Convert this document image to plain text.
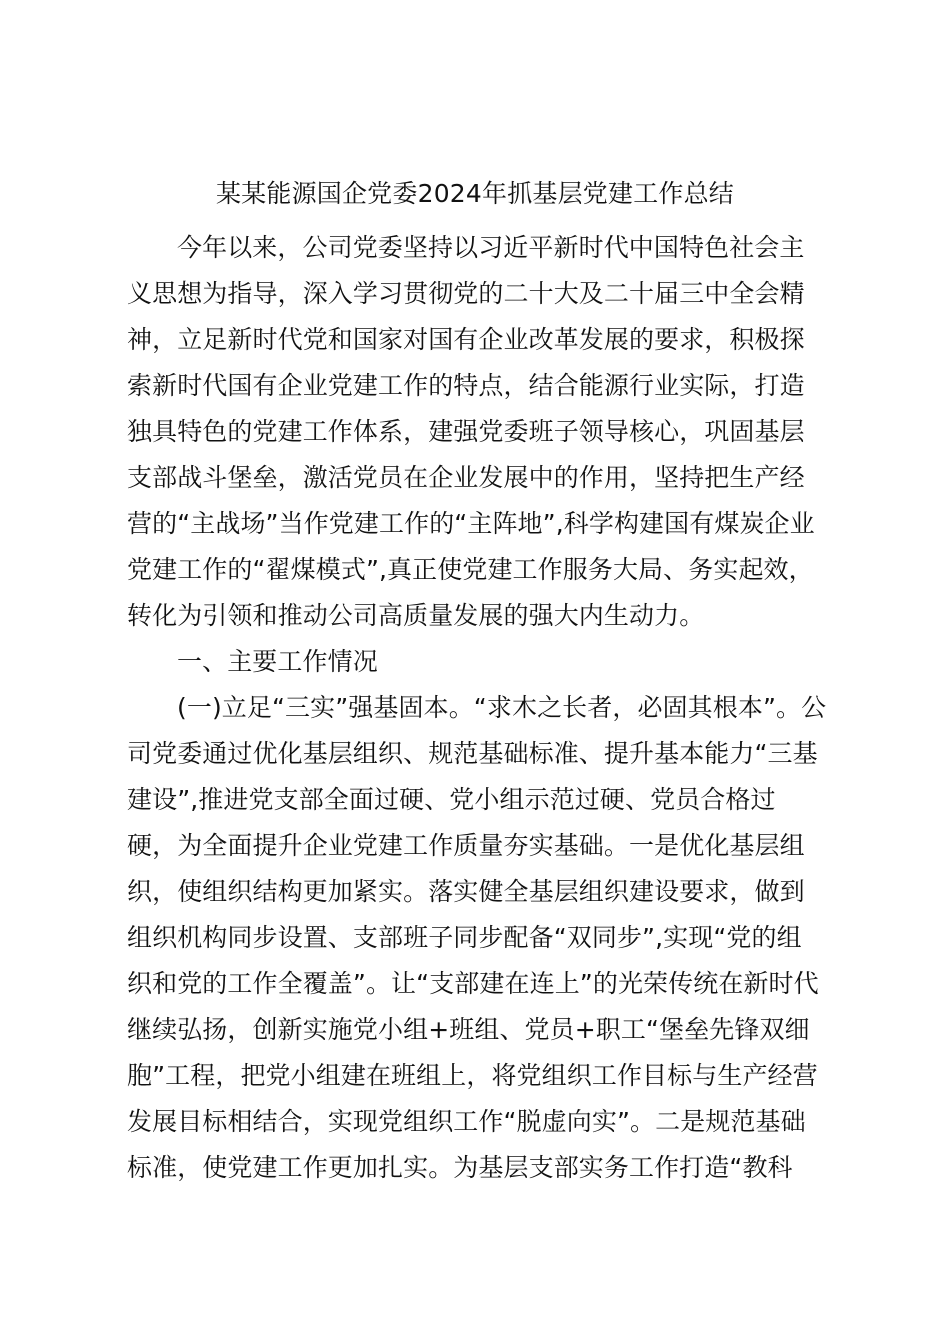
某某能源国企党委2024年抓基层党建工作总结
今年以来，公司党委坚持以习近平新时代中国特色社会主
义思想为指导，深入学习贯彻党的二十大及二十届三中全会精
神，立足新时代党和国家对国有企业改革发展的要求，积极探
索新时代国有企业党建工作的特点，结合能源行业实际，打造
独具特色的党建工作体系，建强党委班子领导核心，巩固基层
支部战斗堡垒，激活党员在企业发展中的作用，坚持把生产经
营的“主战场”当作党建工作的“主阵地”,科学构建国有煤炭企业
党建工作的“翟煤模式”,真正使党建工作服务大局、务实起效，
转化为引领和推动公司高质量发展的强大内生动力。
一、主要工作情况
(一)立足“三实”强基固本。“求木之长者，必固其根本”。公
司党委通过优化基层组织、规范基础标准、提升基本能力“三基
建设”,推进党支部全面过硬、党小组示范过硬、党员合格过
硬，为全面提升企业党建工作质量夯实基础。一是优化基层组
织，使组织结构更加紧实。落实健全基层组织建设要求，做到
组织机构同步设置、支部班子同步配备“双同步”,实现“党的组
织和党的工作全覆盖”。让“支部建在连上”的光荣传统在新时代
继续弘扬，创新实施党小组+班组、党员+职工“堡垒先锋双细
胞”工程，把党小组建在班组上，将党组织工作目标与生产经营
发展目标相结合，实现党组织工作“脱虚向实”。二是规范基础
标准，使党建工作更加扎实。为基层支部实务工作打造“教科
